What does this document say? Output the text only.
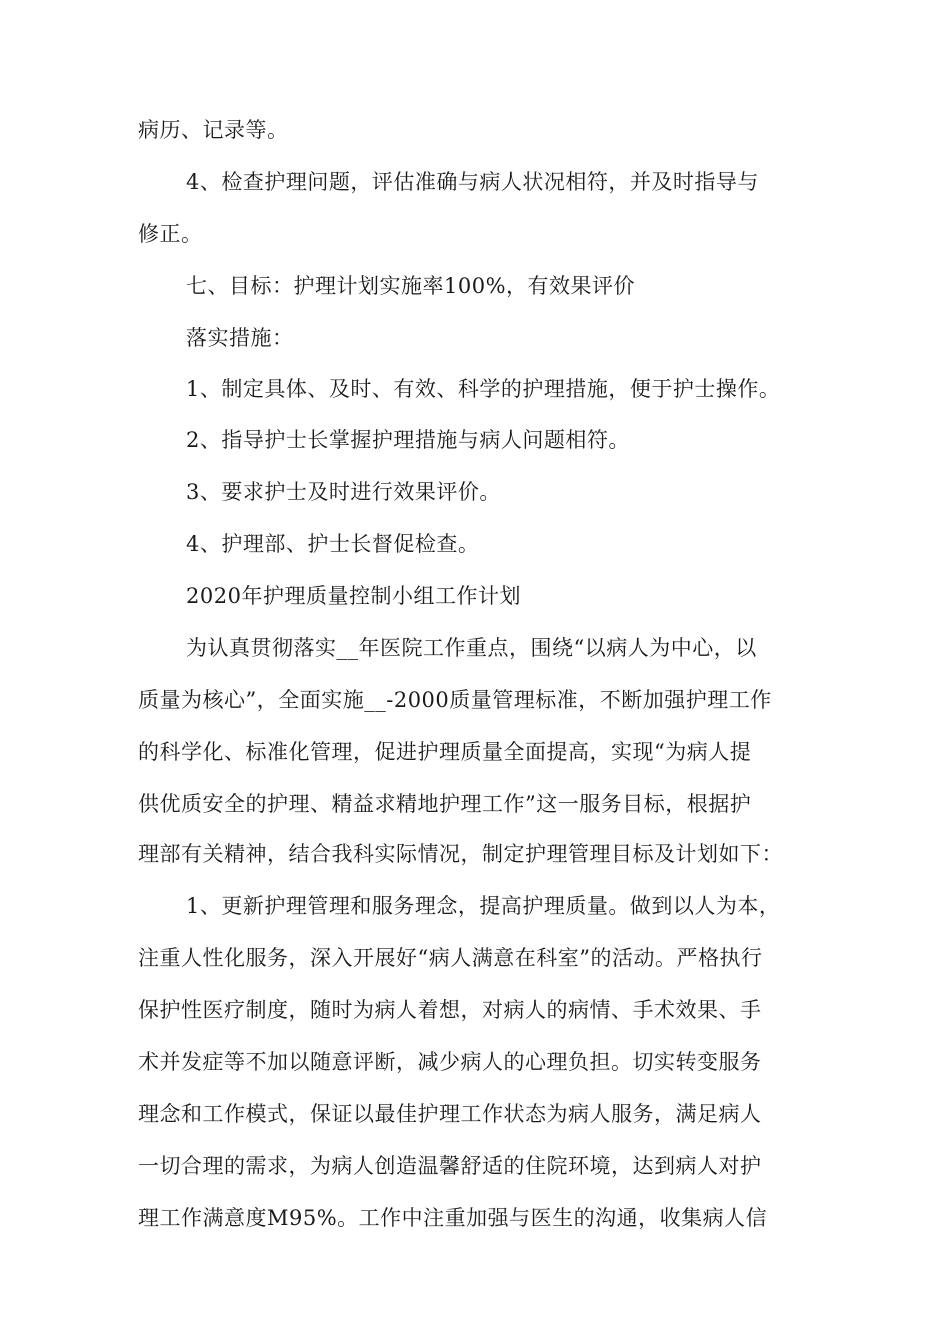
病历、记录等。
4、检查护理问题，评估准确与病人状况相符，并及时指导与
修正。
七、目标：护理计划实施率100%，有效果评价
落实措施：
1、制定具体、及时、有效、科学的护理措施，便于护士操作。
2、指导护士长掌握护理措施与病人问题相符。
3、要求护士及时进行效果评价。
4、护理部、护士长督促检查。
2020年护理质量控制小组工作计划
为认真贯彻落实__年医院工作重点，围绕“以病人为中心，以
质量为核心”，全面实施__-2000质量管理标准，不断加强护理工作
的科学化、标准化管理，促进护理质量全面提高，实现“为病人提
供优质安全的护理、精益求精地护理工作”这一服务目标，根据护
理部有关精神，结合我科实际情况，制定护理管理目标及计划如下：
1、更新护理管理和服务理念，提高护理质量。做到以人为本，
注重人性化服务，深入开展好“病人满意在科室”的活动。严格执行
保护性医疗制度，随时为病人着想，对病人的病情、手术效果、手
术并发症等不加以随意评断，减少病人的心理负担。切实转变服务
理念和工作模式，保证以最佳护理工作状态为病人服务，满足病人
一切合理的需求，为病人创造温馨舒适的住院环境，达到病人对护
理工作满意度M95%。工作中注重加强与医生的沟通，收集病人信
